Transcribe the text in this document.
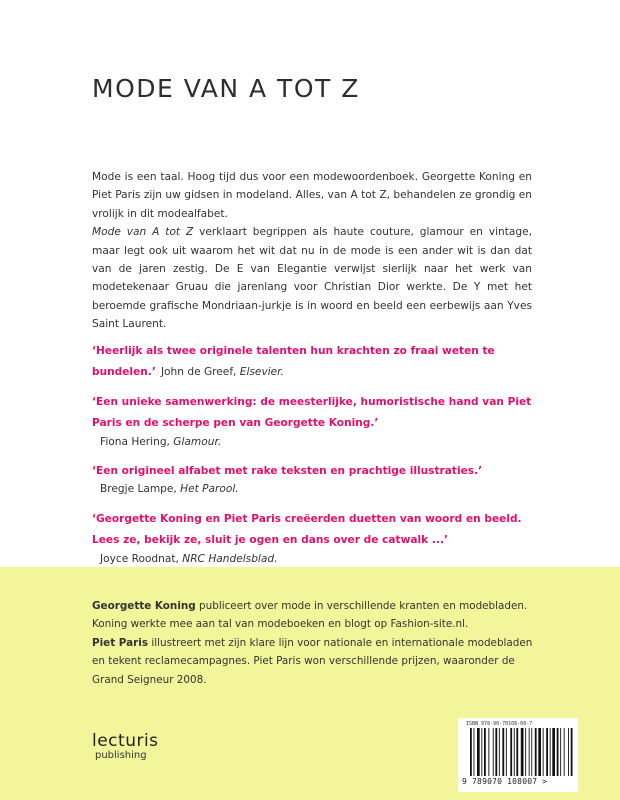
MODE VAN A TOT Z

Mode is een taal. Hoog tijd dus voor een modewoordenboek. Georgette Koning en Piet Paris zijn uw gidsen in modeland. Alles, van A tot Z, behandelen ze grondig en vrolijk in dit modealfabet.

Mode van A tot Z verklaart begrippen als haute couture, glamour en vintage, maar legt ook uit waarom het wit dat nu in de mode is een ander wit is dan dat van de jaren zestig. De E van Elegantie verwijst sierlijk naar het werk van modetekenaar Gruau die jarenlang voor Christian Dior werkte. De Y met het beroemde grafische Mondriaan-jurkje is in woord en beeld een eerbewijs aan Yves Saint Laurent.

‘Heerlijk als twee originele talenten hun krachten zo fraai weten te bundelen.’ John de Greef, Elsevier.
‘Een unieke samenwerking: de meesterlijke, humoristische hand van Piet Paris en de scherpe pen van Georgette Koning.’
Fiona Hering, Glamour.
‘Een origineel alfabet met rake teksten en prachtige illustraties.’
Bregje Lampe, Het Parool.
‘Georgette Koning en Piet Paris creëerden duetten van woord en beeld. Lees ze, bekijk ze, sluit je ogen en dans over de catwalk ...’
Joyce Roodnat, NRC Handelsblad.

Georgette Koning publiceert over mode in verschillende kranten en modebladen. Koning werkte mee aan tal van modeboeken en blogt op Fashion-site.nl.

Piet Paris illustreert met zijn klare lijn voor nationale en internationale modebladen en tekent reclamecampagnes. Piet Paris won verschillende prijzen, waaronder de Grand Seigneur 2008.

lecturis
publishing
ISBN 978-90-70108-00-7
9 789070 108007 >
